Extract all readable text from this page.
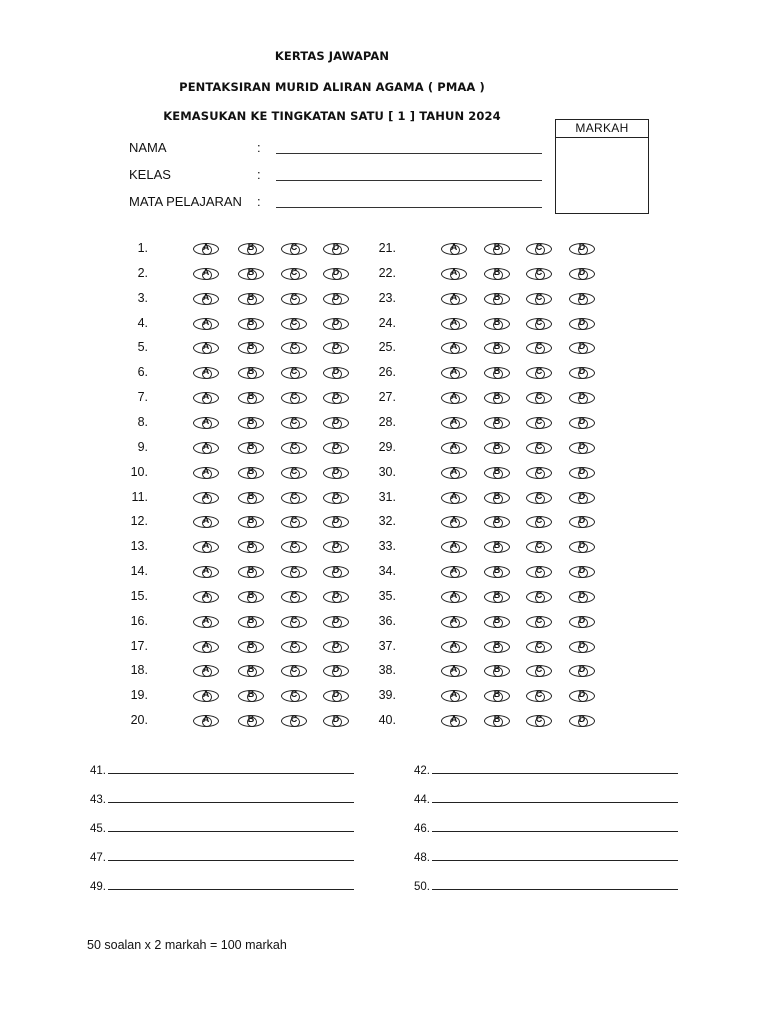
KERTAS JAWAPAN
PENTAKSIRAN MURID ALIRAN AGAMA ( PMAA )
KEMASUKAN KE TINGKATAN SATU [ 1 ] TAHUN 2024
MARKAH
NAMA	:
KELAS	:
MATA PELAJARAN :
1.	A	B	C	D
2.	A	B	C	D
3.	A	B	C	D
4.	A	B	C	D
5.	A	B	C	D
6.	A	B	C	D
7.	A	B	C	D
8.	A	B	C	D
9.	A	B	C	D
10.	A	B	C	D
11.	A	B	C	D
12.	A	B	C	D
13.	A	B	C	D
14.	A	B	C	D
15.	A	B	C	D
16.	A	B	C	D
17.	A	B	C	D
18.	A	B	C	D
19.	A	B	C	D
20.	A	B	C	D
21.	A	B	C	D
22.	A	B	C	D
23.	A	B	C	D
24.	A	B	C	D
25.	A	B	C	D
26.	A	B	C	D
27.	A	B	C	D
28.	A	B	C	D
29.	A	B	C	D
30.	A	B	C	D
31.	A	B	C	D
32.	A	B	C	D
33.	A	B	C	D
34.	A	B	C	D
35.	A	B	C	D
36.	A	B	C	D
37.	A	B	C	D
38.	A	B	C	D
39.	A	B	C	D
40.	A	B	C	D
41.
43.
45.
47.
49.
42.
44.
46.
48.
50.
50 soalan x 2 markah = 100 markah
